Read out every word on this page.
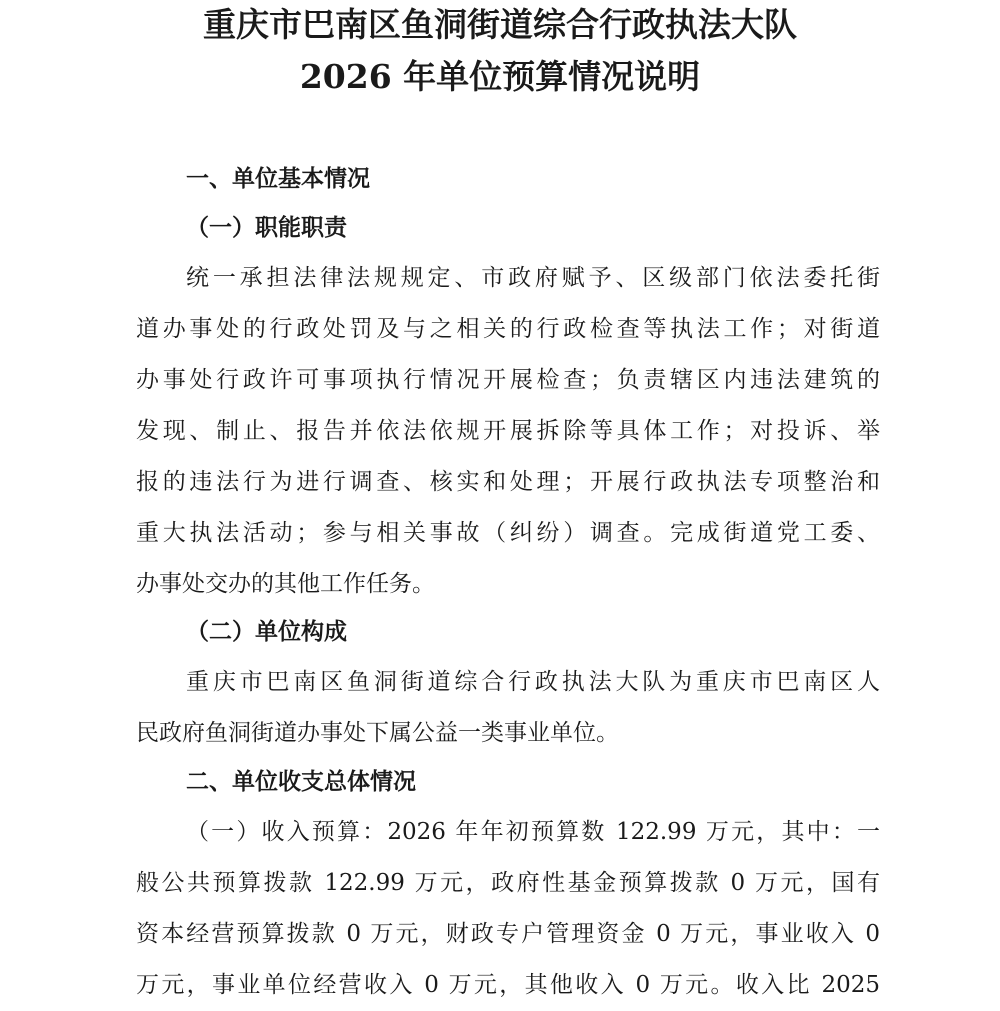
重庆市巴南区鱼洞街道综合行政执法大队
2026 年单位预算情况说明
一、单位基本情况
（一）职能职责
统一承担法律法规规定、市政府赋予、区级部门依法委托街
道办事处的行政处罚及与之相关的行政检查等执法工作；对街道
办事处行政许可事项执行情况开展检查；负责辖区内违法建筑的
发现、制止、报告并依法依规开展拆除等具体工作；对投诉、举
报的违法行为进行调查、核实和处理；开展行政执法专项整治和
重大执法活动；参与相关事故（纠纷）调查。完成街道党工委、
办事处交办的其他工作任务。
（二）单位构成
重庆市巴南区鱼洞街道综合行政执法大队为重庆市巴南区人
民政府鱼洞街道办事处下属公益一类事业单位。
二、单位收支总体情况
（一）收入预算：2026 年年初预算数 122.99 万元，其中：一
般公共预算拨款 122.99 万元，政府性基金预算拨款 0 万元，国有
资本经营预算拨款 0 万元，财政专户管理资金 0 万元，事业收入 0
万元，事业单位经营收入 0 万元，其他收入 0 万元。收入比 2025
